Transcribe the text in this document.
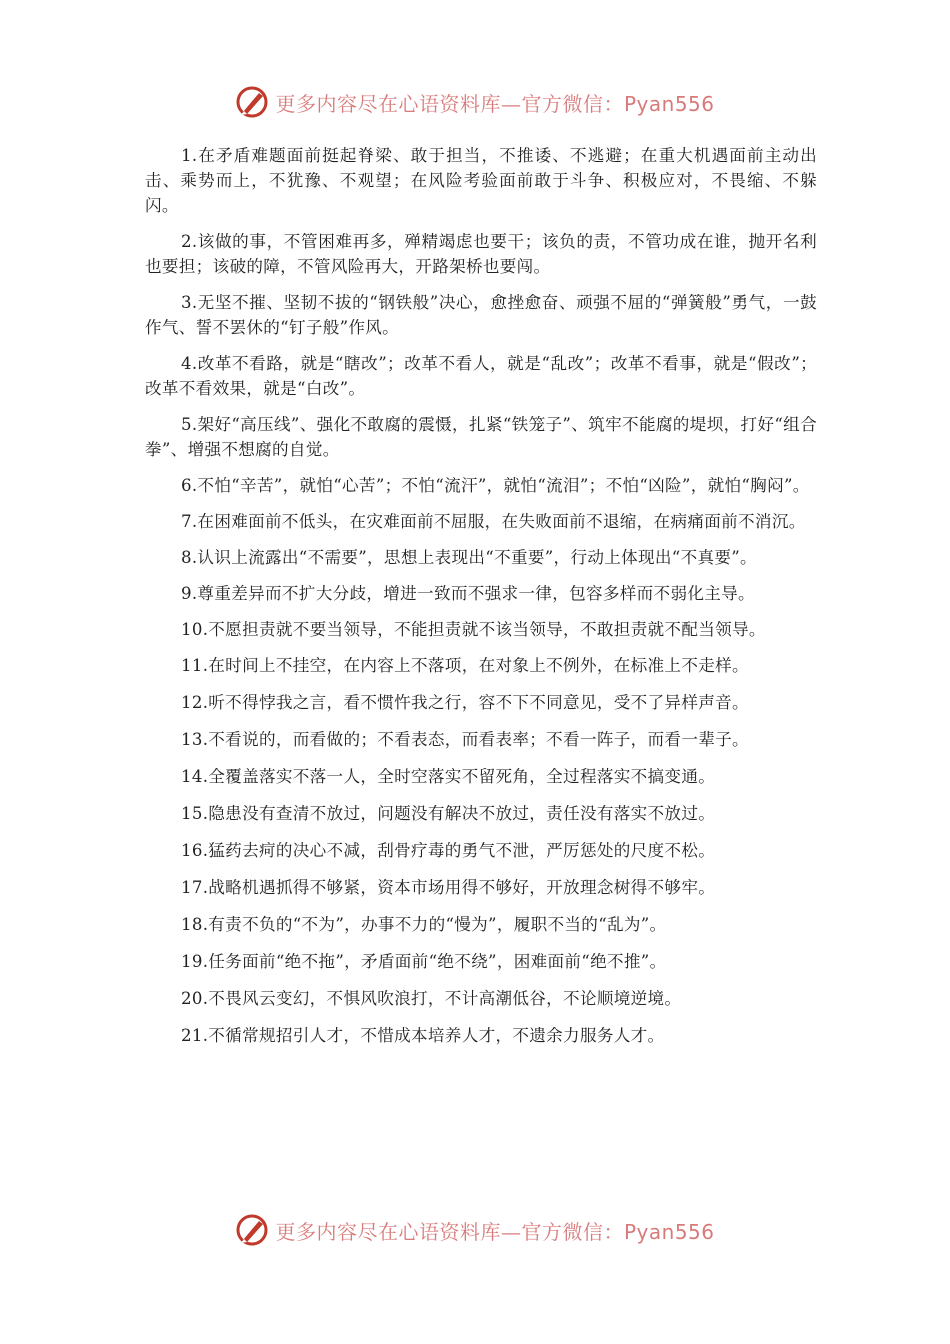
更多内容尽在心语资料库—官方微信：Pyan556

1.在矛盾难题面前挺起脊梁、敢于担当，不推诿、不逃避；在重大机遇面前主动出击、乘势而上，不犹豫、不观望；在风险考验面前敢于斗争、积极应对，不畏缩、不躲闪。

2.该做的事，不管困难再多，殚精竭虑也要干；该负的责，不管功成在谁，抛开名利也要担；该破的障，不管风险再大，开路架桥也要闯。

3.无坚不摧、坚韧不拔的“钢铁般”决心，愈挫愈奋、顽强不屈的“弹簧般”勇气，一鼓作气、誓不罢休的“钉子般”作风。

4.改革不看路，就是“瞎改”；改革不看人，就是“乱改”；改革不看事，就是“假改”；改革不看效果，就是“白改”。

5.架好“高压线”、强化不敢腐的震慑，扎紧“铁笼子”、筑牢不能腐的堤坝，打好“组合拳”、增强不想腐的自觉。

6.不怕“辛苦”，就怕“心苦”；不怕“流汗”，就怕“流泪”；不怕“凶险”，就怕“胸闷”。

7.在困难面前不低头，在灾难面前不屈服，在失败面前不退缩，在病痛面前不消沉。

8.认识上流露出“不需要”，思想上表现出“不重要”，行动上体现出“不真要”。

9.尊重差异而不扩大分歧，增进一致而不强求一律，包容多样而不弱化主导。

10.不愿担责就不要当领导，不能担责就不该当领导，不敢担责就不配当领导。

11.在时间上不挂空，在内容上不落项，在对象上不例外，在标准上不走样。

12.听不得悖我之言，看不惯忤我之行，容不下不同意见，受不了异样声音。

13.不看说的，而看做的；不看表态，而看表率；不看一阵子，而看一辈子。

14.全覆盖落实不落一人，全时空落实不留死角，全过程落实不搞变通。

15.隐患没有查清不放过，问题没有解决不放过，责任没有落实不放过。

16.猛药去疴的决心不减，刮骨疗毒的勇气不泄，严厉惩处的尺度不松。

17.战略机遇抓得不够紧，资本市场用得不够好，开放理念树得不够牢。

18.有责不负的“不为”，办事不力的“慢为”，履职不当的“乱为”。

19.任务面前“绝不拖”，矛盾面前“绝不绕”，困难面前“绝不推”。

20.不畏风云变幻，不惧风吹浪打，不计高潮低谷，不论顺境逆境。

21.不循常规招引人才，不惜成本培养人才，不遗余力服务人才。

更多内容尽在心语资料库—官方微信：Pyan556
